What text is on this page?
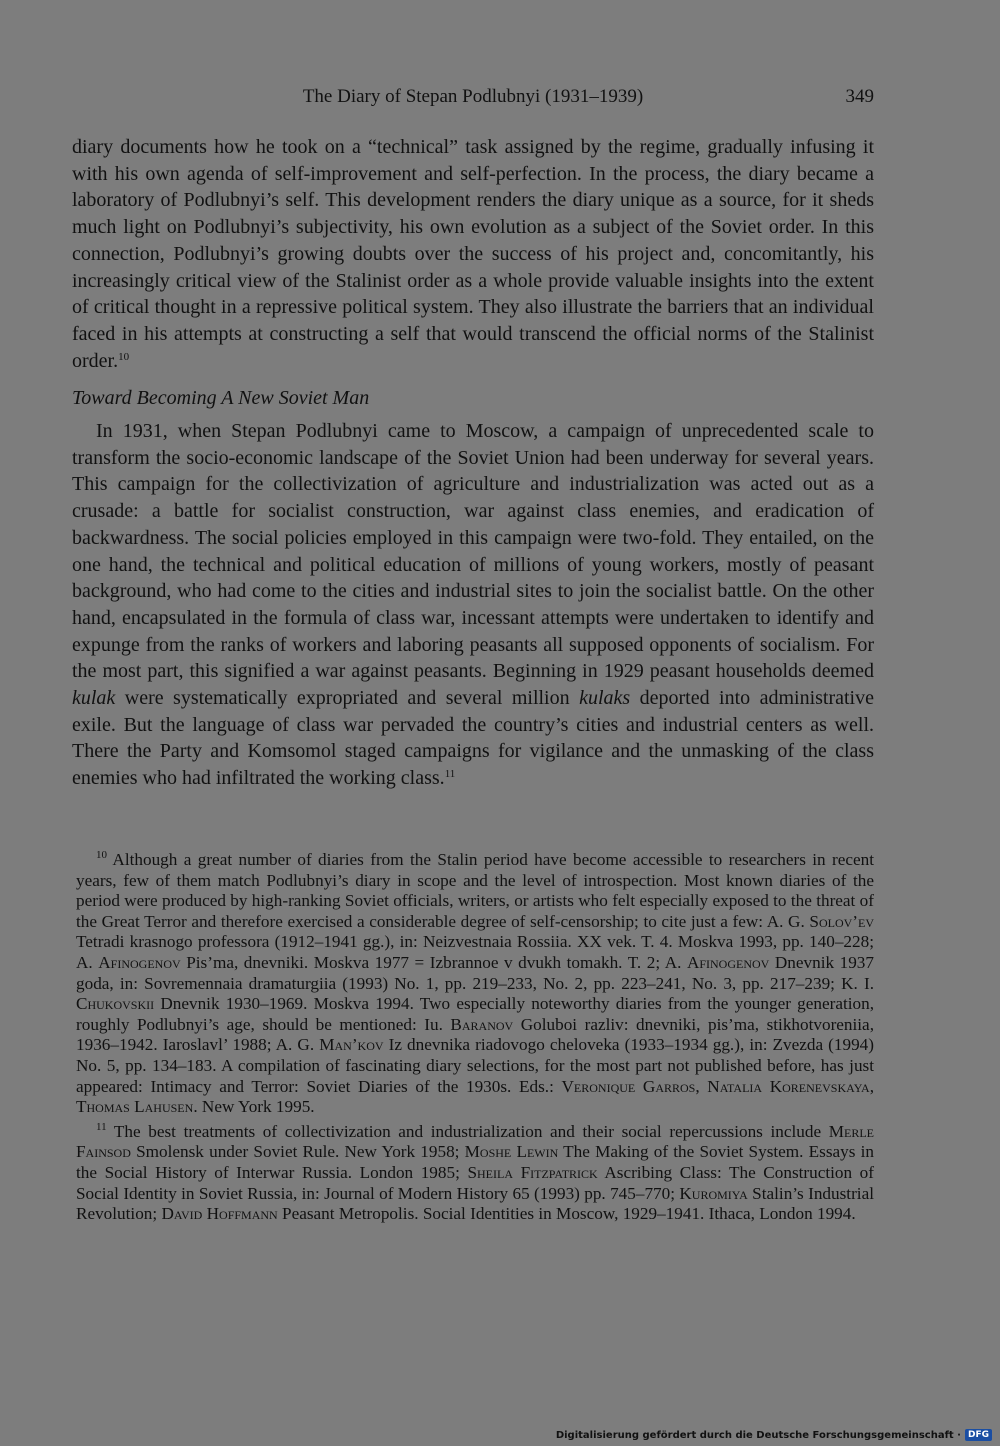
The Diary of Stepan Podlubnyi (1931–1939)	349

diary documents how he took on a “technical” task assigned by the regime, gradually infusing it with his own agenda of self-improvement and self-perfection. In the process, the diary became a laboratory of Podlubnyi’s self. This development renders the diary unique as a source, for it sheds much light on Podlubnyi’s subjectivity, his own evolution as a subject of the Soviet order. In this connection, Podlubnyi’s growing doubts over the success of his project and, concomitantly, his increasingly critical view of the Stalinist order as a whole provide valuable insights into the extent of critical thought in a repressive political system. They also illustrate the barriers that an individual faced in his attempts at constructing a self that would transcend the official norms of the Stalinist order.$^{10}$

Toward Becoming A New Soviet Man

In 1931, when Stepan Podlubnyi came to Moscow, a campaign of unprecedented scale to transform the socio-economic landscape of the Soviet Union had been underway for several years. This campaign for the collectivization of agriculture and industrialization was acted out as a crusade: a battle for socialist construction, war against class enemies, and eradication of backwardness. The social policies employed in this campaign were two-fold. They entailed, on the one hand, the technical and political education of millions of young workers, mostly of peasant background, who had come to the cities and industrial sites to join the socialist battle. On the other hand, encapsulated in the formula of class war, incessant attempts were undertaken to identify and expunge from the ranks of workers and laboring peasants all supposed opponents of socialism. For the most part, this signified a war against peasants. Beginning in 1929 peasant households deemed kulak were systematically expropriated and several million kulaks deported into administrative exile. But the language of class war pervaded the country’s cities and industrial centers as well. There the Party and Komsomol staged campaigns for vigilance and the unmasking of the class enemies who had infiltrated the working class.$^{11}$

$^{10}$ Although a great number of diaries from the Stalin period have become accessible to researchers in recent years, few of them match Podlubnyi’s diary in scope and the level of introspection. Most known diaries of the period were produced by high-ranking Soviet officials, writers, or artists who felt especially exposed to the threat of the Great Terror and therefore exercised a considerable degree of self-censorship; to cite just a few: A. G. Solov’ev Tetradi krasnogo professora (1912–1941 gg.), in: Neizvestnaia Rossiia. XX vek. T. 4. Moskva 1993, pp. 140–228; A. Afinogenov Pis’ma, dnevniki. Moskva 1977 = Izbrannoe v dvukh tomakh. T. 2; A. Afinogenov Dnevnik 1937 goda, in: Sovremennaia dramaturgiia (1993) No. 1, pp. 219–233, No. 2, pp. 223–241, No. 3, pp. 217–239; K. I. Chukovskii Dnevnik 1930–1969. Moskva 1994. Two especially noteworthy diaries from the younger generation, roughly Podlubnyi’s age, should be mentioned: Iu. Baranov Goluboi razliv: dnevniki, pis’ma, stikhotvoreniia, 1936–1942. Iaroslavl’ 1988; A. G. Man’kov Iz dnevnika riadovogo cheloveka (1933–1934 gg.), in: Zvezda (1994) No. 5, pp. 134–183. A compilation of fascinating diary selections, for the most part not published before, has just appeared: Intimacy and Terror: Soviet Diaries of the 1930s. Eds.: Veronique Garros, Natalia Korenevskaya, Thomas Lahusen. New York 1995.

$^{11}$ The best treatments of collectivization and industrialization and their social repercussions include Merle Fainsod Smolensk under Soviet Rule. New York 1958; Moshe Lewin The Making of the Soviet System. Essays in the Social History of Interwar Russia. London 1985; Sheila Fitzpatrick Ascribing Class: The Construction of Social Identity in Soviet Russia, in: Journal of Modern History 65 (1993) pp. 745–770; Kuromiya Stalin’s Industrial Revolution; David Hoffmann Peasant Metropolis. Social Identities in Moscow, 1929–1941. Ithaca, London 1994.

Digitalisierung gefördert durch die Deutsche Forschungsgemeinschaft · DFG
